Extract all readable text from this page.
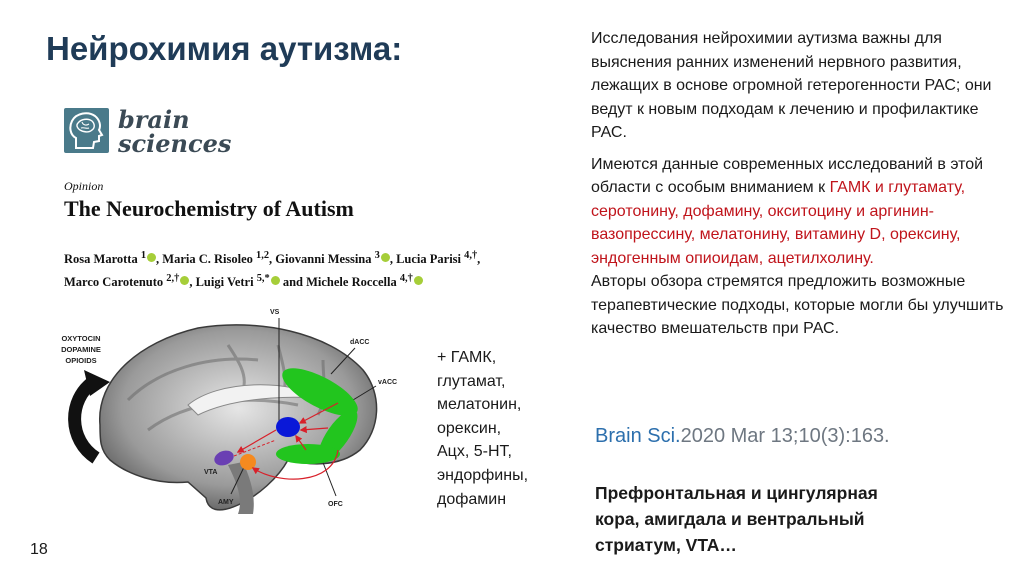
Нейрохимия аутизма:
brain
sciences
Opinion
The Neurochemistry of Autism
Rosa Marotta $^1$ , Maria C. Risoleo $^{1,2}$, Giovanni Messina $^3$ , Lucia Parisi $^{4,\dagger}$,
Marco Carotenuto $^{2,\dagger}$ , Luigi Vetri $^{5,*}$ and Michele Roccella $^{4,\dagger}$
OXYTOCIN
DOPAMINE
OPIOIDS
VS
dACC
vACC
VTA
AMY	OFC
+ ГАМК,
глутамат,
мелатонин,
орексин,
Ацх, 5-НТ,
эндорфины,
дофамин

Исследования нейрохимии аутизма важны для выяснения ранних изменений нервного развития, лежащих в основе огромной гетерогенности РАС; они ведут к новым подходам к лечению и профилактике РАС.

Имеются данные современных исследований в этой области с особым вниманием к ГАМК и глутамату, серотонину, дофамину, окситоцину и аргинин-вазопрессину, мелатонину, витамину D, орексину, эндогенным опиоидам, ацетилхолину.

Авторы обзора стремятся предложить возможные терапевтические подходы, которые могли бы улучшить качество вмешательств при РАС.

Brain Sci.2020 Mar 13;10(3):163.
Префронтальная и цингулярная
кора, амигдала и вентральный
стриатум, VTA…
18
